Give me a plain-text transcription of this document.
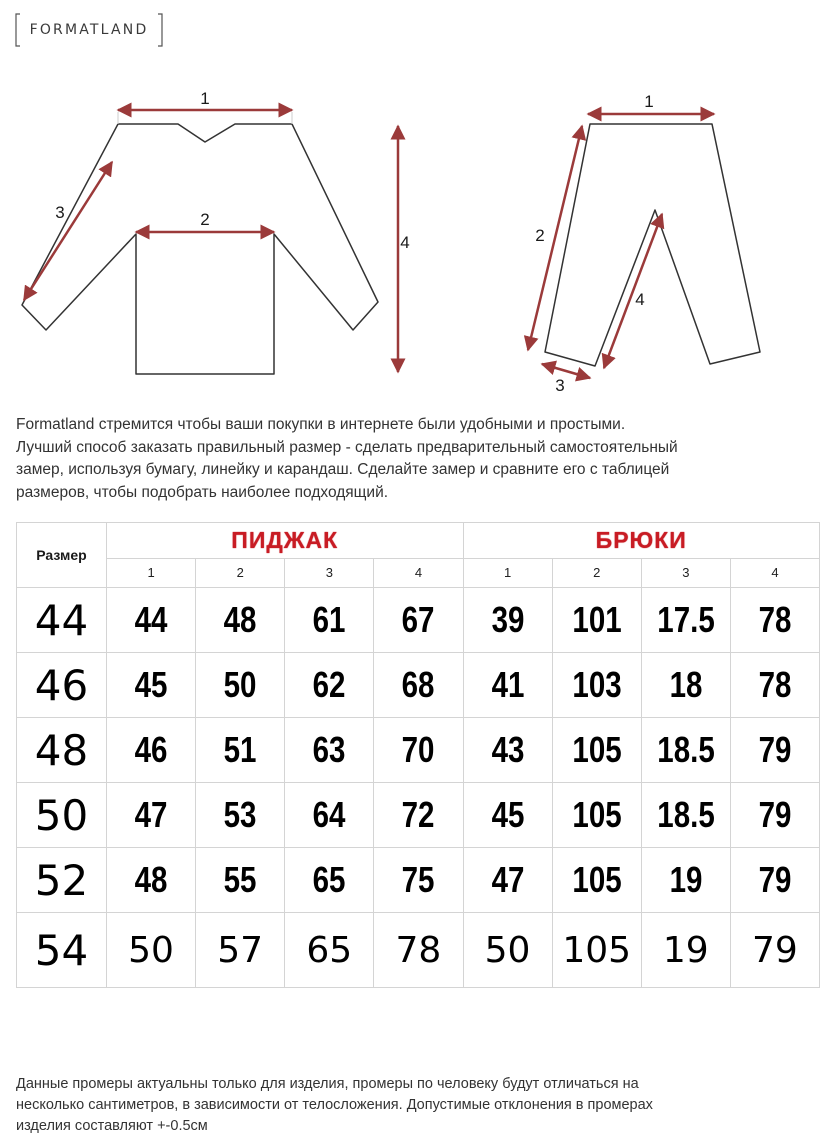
FORMATLAND
1
2
3
4
1
2
3
4

Formatland стремится чтобы ваши покупки в интернете были удобными и простыми.

Лучший способ заказать правильный размер - сделать предварительный самостоятельный

замер, используя бумагу, линейку и карандаш. Сделайте замер и сравните его с таблицей

размеров, чтобы подобрать наиболее подходящий.

Размер	ПИДЖАК				БРЮКИ			
	1	2	3	4	1	2	3	4
44	44	48	61	67	39	101	17.5	78
46	45	50	62	68	41	103	18	78
48	46	51	63	70	43	105	18.5	79
50	47	53	64	72	45	105	18.5	79
52	48	55	65	75	47	105	19	79
54	50	57	65	78	50	105	19	79

Данные промеры актуальны только для изделия, промеры по человеку будут отличаться на

несколько сантиметров, в зависимости от телосложения. Допустимые отклонения в промерах

изделия составляют +-0.5см
